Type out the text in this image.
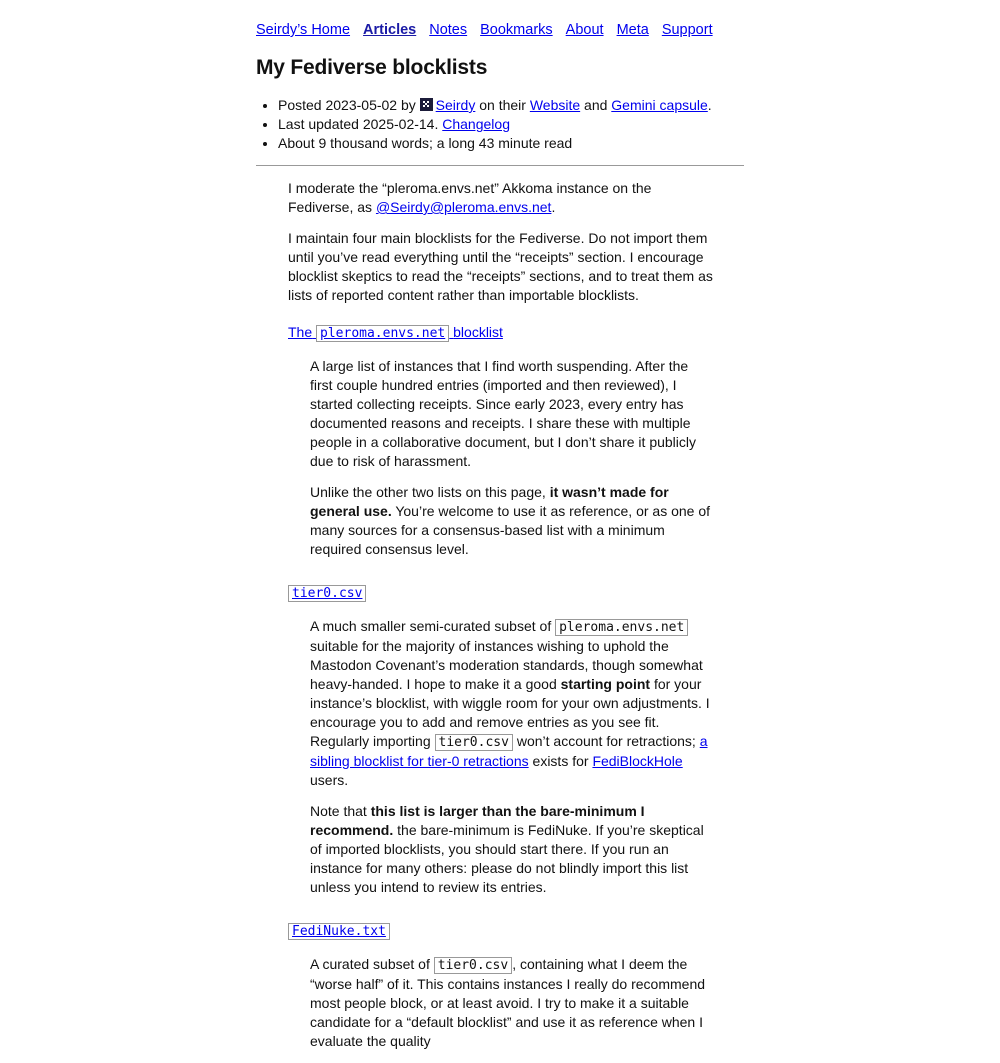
Seirdy’s Home Articles Notes Bookmarks About Meta Support
My Fediverse blocklists
• Posted 2023-05-02 by Seirdy on their Website and Gemini capsule.
• Last updated 2025-02-14. Changelog
• About 9 thousand words; a long 43 minute read

I moderate the “pleroma.envs.net” Akkoma instance on the Fediverse, as @Seirdy@pleroma.envs.net.

I maintain four main blocklists for the Fediverse. Do not import them until you’ve read everything until the “receipts” section. I encourage blocklist skeptics to read the “receipts” sections, and to treat them as lists of reported content rather than importable blocklists.

The pleroma.envs.net blocklist

A large list of instances that I find worth suspending. After the first couple hundred entries (imported and then reviewed), I started collecting receipts. Since early 2023, every entry has documented reasons and receipts. I share these with multiple people in a collaborative document, but I don’t share it publicly due to risk of harassment.

Unlike the other two lists on this page, it wasn’t made for general use. You’re welcome to use it as reference, or as one of many sources for a consensus-based list with a minimum required consensus level.

tier0.csv

A much smaller semi-curated subset of pleroma.envs.net suitable for the majority of instances wishing to uphold the Mastodon Covenant’s moderation standards, though somewhat heavy-handed. I hope to make it a good starting point for your instance’s blocklist, with wiggle room for your own adjustments. I encourage you to add and remove entries as you see fit. Regularly importing tier0.csv won’t account for retractions; a sibling blocklist for tier-0 retractions exists for FediBlockHole users.

Note that this list is larger than the bare-minimum I recommend. the bare-minimum is FediNuke. If you’re skeptical of imported blocklists, you should start there. If you run an instance for many others: please do not blindly import this list unless you intend to review its entries.

FediNuke.txt

A curated subset of tier0.csv , containing what I deem the “worse half” of it. This contains instances I really do recommend most people block, or at least avoid. I try to make it a suitable candidate for a “default blocklist” and use it as reference when I evaluate the quality
